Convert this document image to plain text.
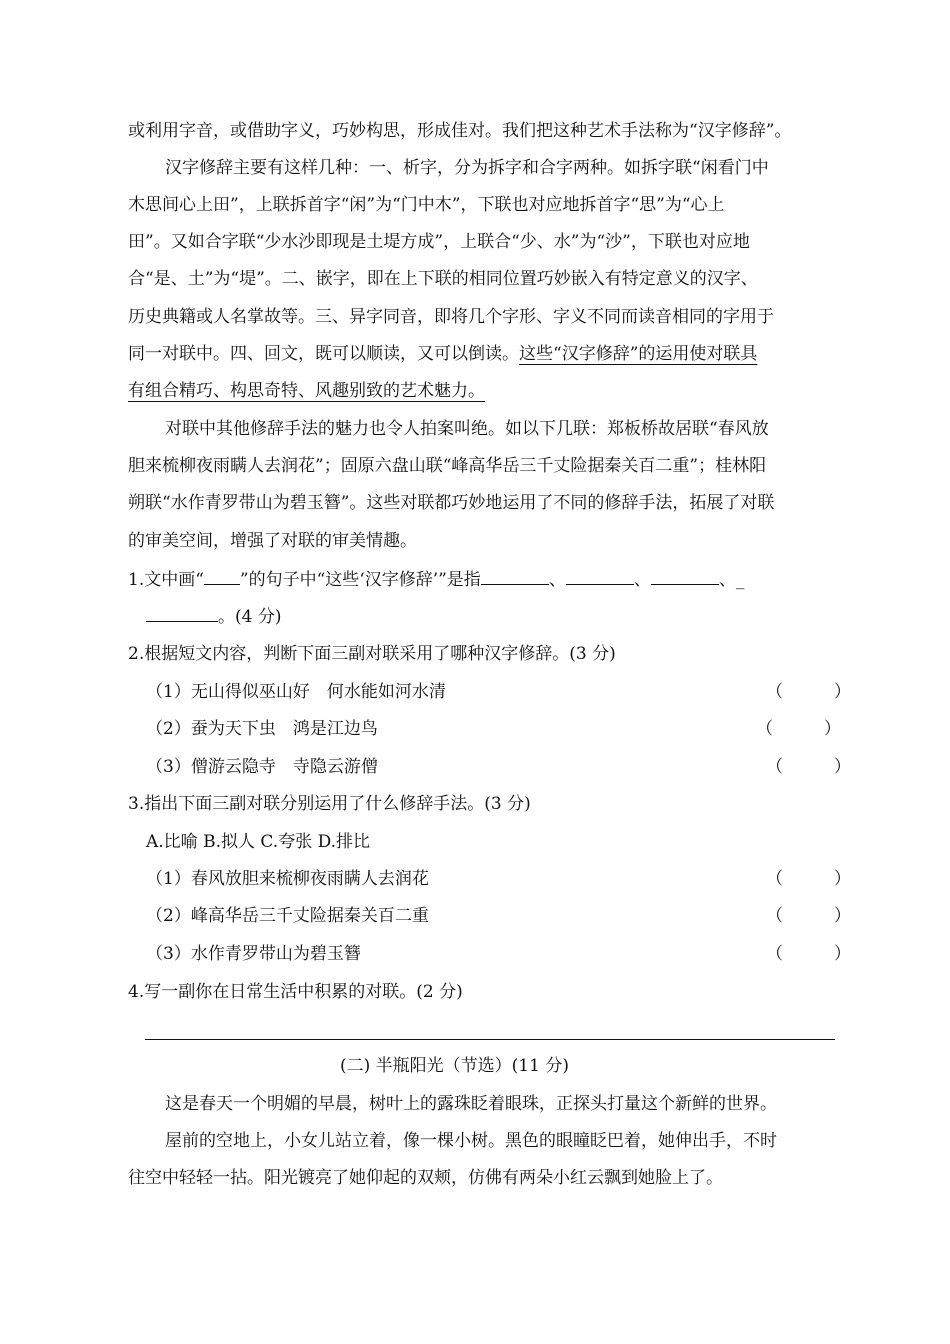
或利用字音，或借助字义，巧妙构思，形成佳对。我们把这种艺术手法称为“汉字修辞”。
汉字修辞主要有这样几种：一、析字，分为拆字和合字两种。如拆字联“闲看门中
木思间心上田”，上联拆首字“闲”为“门中木”，下联也对应地拆首字“思”为“心上
田”。又如合字联“少水沙即现是土堤方成”，上联合“少、水”为“沙”，下联也对应地
合“是、土”为“堤”。二、嵌字，即在上下联的相同位置巧妙嵌入有特定意义的汉字、
历史典籍或人名掌故等。三、异字同音，即将几个字形、字义不同而读音相同的字用于
同一对联中。四、回文，既可以顺读，又可以倒读。这些“汉字修辞”的运用使对联具
有组合精巧、构思奇特、风趣别致的艺术魅力。
对联中其他修辞手法的魅力也令人拍案叫绝。如以下几联：郑板桥故居联“春风放
胆来梳柳夜雨瞒人去润花”；固原六盘山联“峰高华岳三千丈险据秦关百二重”；桂林阳
朔联“水作青罗带山为碧玉簪”。这些对联都巧妙地运用了不同的修辞手法，拓展了对联
的审美空间，增强了对联的审美情趣。
1.文中画“ ”的句子中“这些‘汉字修辞’”是指	、	、	、_
。(4 分)
2.根据短文内容，判断下面三副对联采用了哪种汉字修辞。(3 分)
（1）无山得似巫山好　何水能如河水清	（　　　）
（2）蚕为天下虫　鸿是江边鸟	（　　　）
（3）僧游云隐寺　寺隐云游僧	（　　　）
3.指出下面三副对联分别运用了什么修辞手法。(3 分)
A.比喻 B.拟人 C.夸张 D.排比
（1）春风放胆来梳柳夜雨瞒人去润花	（　　　）
（2）峰高华岳三千丈险据秦关百二重	（　　　）
（3）水作青罗带山为碧玉簪	（　　　）
4.写一副你在日常生活中积累的对联。(2 分)
(二) 半瓶阳光（节选）(11 分)
这是春天一个明媚的早晨，树叶上的露珠眨着眼珠，正探头打量这个新鲜的世界。
屋前的空地上，小女儿站立着，像一棵小树。黑色的眼瞳眨巴着，她伸出手，不时
往空中轻轻一拈。阳光镀亮了她仰起的双颊，仿佛有两朵小红云飘到她脸上了。
